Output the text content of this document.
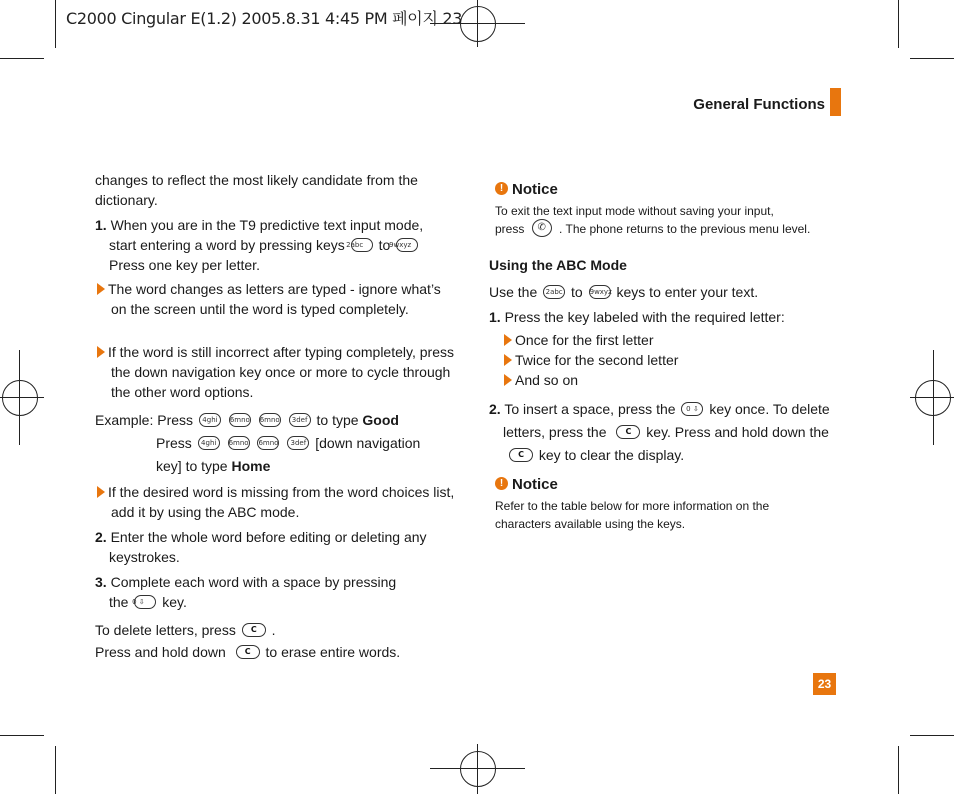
C2000 Cingular E(1.2) 2005.8.31 4:45 PM 페이지 23
General Functions
changes to reflect the most likely candidate from the dictionary.
1. When you are in the T9 predictive text input mode, start entering a word by pressing keys 2abc to 9wxyz
Press one key per letter.
The word changes as letters are typed - ignore what’s on the screen until the word is typed completely.
If the word is still incorrect after typing completely, press the down navigation key once or more to cycle through the other word options.
Example: Press 4ghi 6mno 6mno 3def to type Good
Press 4ghi 6mno 6mno 3def [down navigation
key] to type Home
If the desired word is missing from the word choices list, add it by using the ABC mode.
2. Enter the whole word before editing or deleting any keystrokes.
3. Complete each word with a space by pressing
the 0 ⇩ key.
To delete letters, press C .
Press and hold down C to erase entire words.
! Notice
To exit the text input mode without saving your input,
press ✆ . The phone returns to the previous menu level.
Using the ABC Mode
Use the 2abc to 9wxyz keys to enter your text.
1. Press the key labeled with the required letter:
Once for the first letter
Twice for the second letter
And so on
2. To insert a space, press the 0 ⇩ key once. To delete
letters, press the C key. Press and hold down the
C key to clear the display.
! Notice
Refer to the table below for more information on the
characters available using the keys.
23
